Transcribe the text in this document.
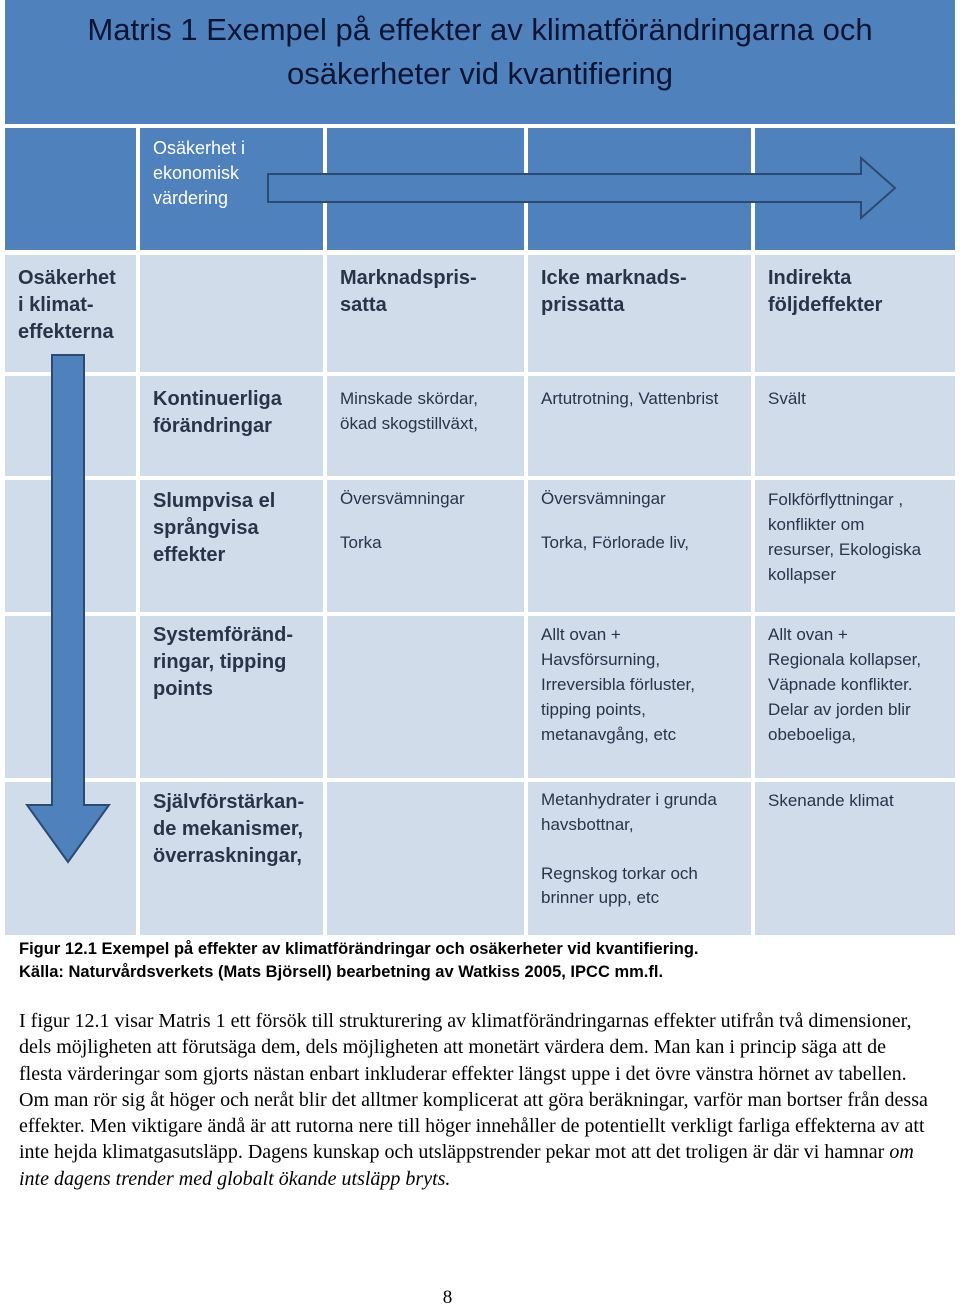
Matris 1 Exempel på effekter av klimatförändringarna och osäkerheter vid kvantifiering
Osäkerhet i
ekonomisk
värdering
Osäkerhet
i klimat-
effekterna
Marknadspris-
satta
Icke marknads-
prissatta
Indirekta
följdeffekter
Kontinuerliga
förändringar
Minskade skördar,
ökad skogstillväxt,
Artutrotning, Vattenbrist	Svält
Slumpvisa el
språngvisa
effekter
Översvämningar

Torka
Översvämningar

Torka, Förlorade liv,
Folkförflyttningar ,
konflikter om
resurser, Ekologiska
kollapser
Systemföränd-
ringar, tipping
points
Allt ovan +
Havsförsurning,
Irreversibla förluster,
tipping points,
metanavgång, etc
Allt ovan +
Regionala kollapser,
Väpnade konflikter.
Delar av jorden blir
obeboeliga,
Självförstärkan-
de mekanismer,
överraskningar,
Metanhydrater i grunda
havsbottnar,

Regnskog torkar och
brinner upp, etc
Skenande klimat
Figur 12.1 Exempel på effekter av klimatförändringar och osäkerheter vid kvantifiering.
Källa: Naturvårdsverkets (Mats Björsell) bearbetning av Watkiss 2005, IPCC mm.fl.
I figur 12.1 visar Matris 1 ett försök till strukturering av klimatförändringarnas effekter utifrån två dimensioner, dels möjligheten att förutsäga dem, dels möjligheten att monetärt värdera dem. Man kan i princip säga att de flesta värderingar som gjorts nästan enbart inkluderar effekter längst uppe i det övre vänstra hörnet av tabellen. Om man rör sig åt höger och neråt blir det alltmer komplicerat att göra beräkningar, varför man bortser från dessa effekter. Men viktigare ändå är att rutorna nere till höger innehåller de potentiellt verkligt farliga effekterna av att inte hejda klimatgasutsläpp. Dagens kunskap och utsläppstrender pekar mot att det troligen är där vi hamnar om inte dagens trender med globalt ökande utsläpp bryts.
8
